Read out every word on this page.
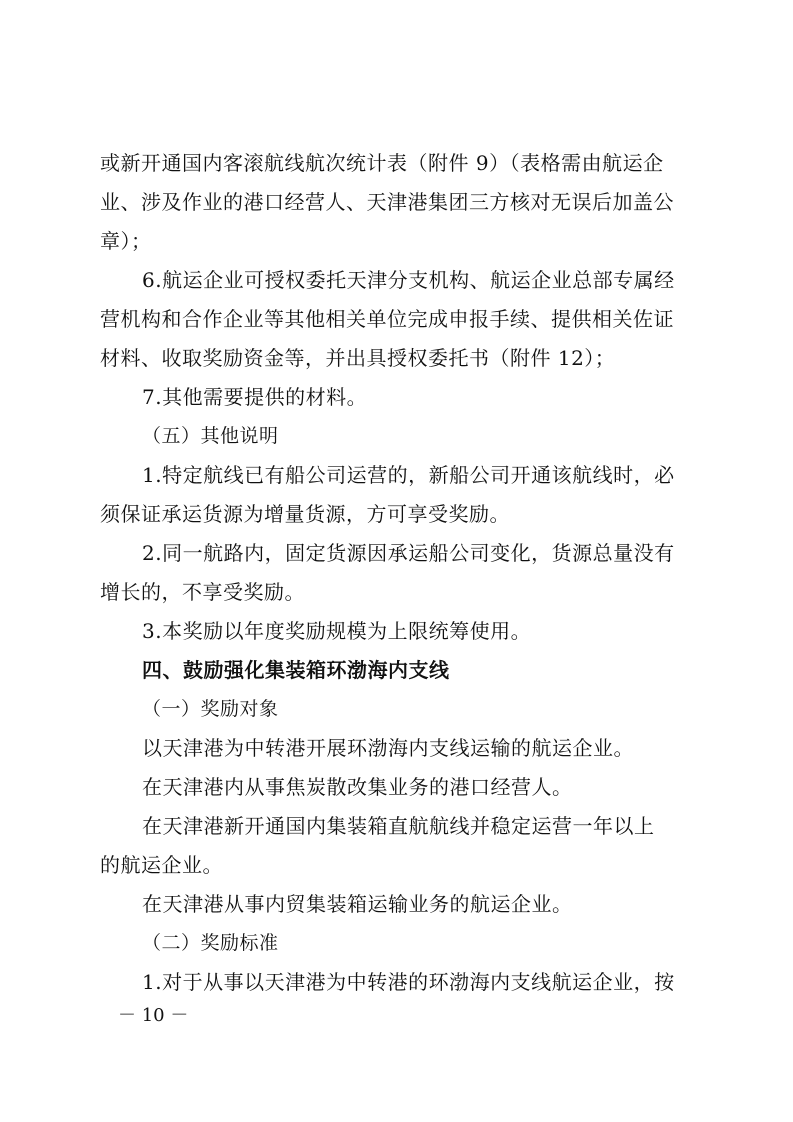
或新开通国内客滚航线航次统计表（附件 9）（表格需由航运企
业、涉及作业的港口经营人、天津港集团三方核对无误后加盖公
章）；
6.航运企业可授权委托天津分支机构、航运企业总部专属经
营机构和合作企业等其他相关单位完成申报手续、提供相关佐证
材料、收取奖励资金等，并出具授权委托书（附件 12）；
7.其他需要提供的材料。
（五）其他说明
1.特定航线已有船公司运营的，新船公司开通该航线时，必
须保证承运货源为增量货源，方可享受奖励。
2.同一航路内，固定货源因承运船公司变化，货源总量没有
增长的，不享受奖励。
3.本奖励以年度奖励规模为上限统筹使用。
四、鼓励强化集装箱环渤海内支线
（一）奖励对象
以天津港为中转港开展环渤海内支线运输的航运企业。
在天津港内从事焦炭散改集业务的港口经营人。
在天津港新开通国内集装箱直航航线并稳定运营一年以上
的航运企业。
在天津港从事内贸集装箱运输业务的航运企业。
（二）奖励标准
1.对于从事以天津港为中转港的环渤海内支线航运企业，按
－ 10 －
